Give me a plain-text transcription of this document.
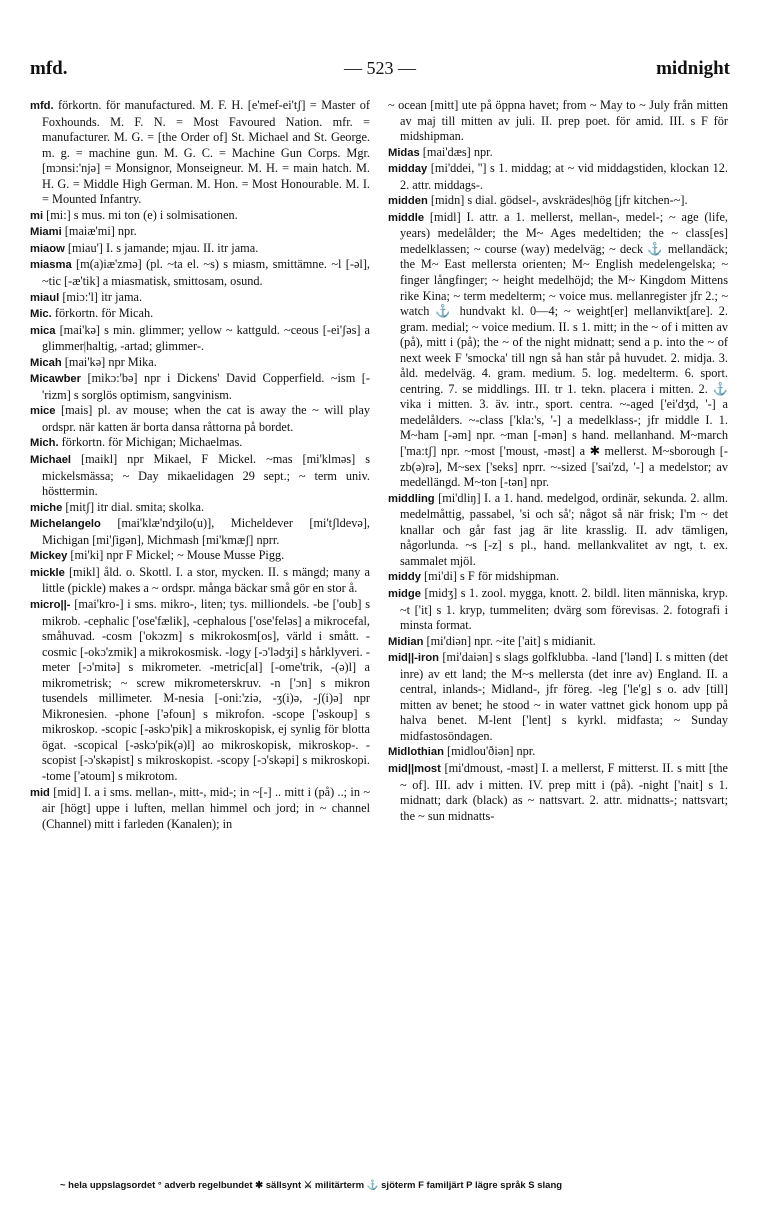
mfd.	— 523 —	midnight

mfd. förkortn. för manufactured. M. F. H. [e'mef-ei'tʃ] = Master of Foxhounds. M. F. N. = Most Favoured Nation. mfr. = manufacturer. M. G. = [the Order of] St. Michael and St. George. m. g. = machine gun. M. G. C. = Machine Gun Corps. Mgr. [mɔnsi:'njə] = Monsignor, Monseigneur. M. H. = main hatch. M. H. G. = Middle High German. M. Hon. = Most Honourable. M. I. = Mounted Infantry.

mi [mi:] s mus. mi ton (e) i solmisationen.

Miami [maiæ'mi] npr.

miaow [miau'] I. s jamande; mjau. II. itr jama.

miasma [m(a)iæ'zmə] (pl. ~ta el. ~s) s miasm, smittämne. ~l [-əl], ~tic [-æ'tik] a miasmatisk, smittosam, osund.

miaul [miɔ:'l] itr jama.

Mic. förkortn. för Micah.

mica [mai'kə] s min. glimmer; yellow ~ kattguld. ~ceous [-ei'ʃəs] a glimmer|haltig, -artad; glimmer-.

Micah [mai'kə] npr Mika.

Micawber [mikɔ:'bə] npr i Dickens' David Copperfield. ~ism [-'rizm] s sorglös optimism, sangvinism.

mice [mais] pl. av mouse; when the cat is away the ~ will play ordspr. när katten är borta dansa råttorna på bordet.

Mich. förkortn. för Michigan; Michaelmas.

Michael [maikl] npr Mikael, F Mickel. ~mas [mi'klməs] s mickelsmässa; ~ Day mikaelidagen 29 sept.; ~ term univ. hösttermin.

miche [mitʃ] itr dial. smita; skolka.

Michelangelo [mai'klæ'ndʒilo(u)], Micheldever [mi'tʃldevə], Michigan [mi'ʃigən], Michmash [mi'kmæʃ] nprr.

Mickey [mi'ki] npr F Mickel; ~ Mouse Musse Pigg.

mickle [mikl] åld. o. Skottl. I. a stor, mycken. II. s mängd; many a little (pickle) makes a ~ ordspr. många bäckar små gör en stor å.

micro||- [mai'kro-] i sms. mikro-, liten; tys. milliondels. -be ['oub] s mikrob. -cephalic ['ose'fælik], -cephalous ['ose'feləs] a mikrocefal, småhuvad. -cosm ['okɔzm] s mikrokosm[os], värld i smått. -cosmic [-okɔ'zmik] a mikrokosmisk. -logy [-ɔ'lədʒi] s hårklyveri. -meter [-ɔ'mitə] s mikrometer. -metric[al] [-ome'trik, -(ə)l] a mikrometrisk; ~ screw mikrometerskruv. -n ['ɔn] s mikron tusendels millimeter. M-nesia [-oni:'ziə, -ʒ(i)ə, -ʃ(i)ə] npr Mikronesien. -phone ['əfoun] s mikrofon. -scope ['əskoup] s mikroskop. -scopic [-əskɔ'pik] a mikroskopisk, ej synlig för blotta ögat. -scopical [-əskɔ'pik(ə)l] ao mikroskopisk, mikroskop-. -scopist [-ɔ'skəpist] s mikroskopist. -scopy [-ɔ'skəpi] s mikroskopi. -tome ['ətoum] s mikrotom.

mid [mid] I. a i sms. mellan-, mitt-, mid-; in ~[-] .. mitt i (på) ..; in ~ air [högt] uppe i luften, mellan himmel och jord; in ~ channel (Channel) mitt i farleden (Kanalen); in

~ ocean [mitt] ute på öppna havet; from ~ May to ~ July från mitten av maj till mitten av juli. II. prep poet. för amid. III. s F för midshipman.

Midas [mai'dæs] npr.

midday [mi'ddei, ''] s 1. middag; at ~ vid middagstiden, klockan 12. 2. attr. middags-.

midden [midn] s dial. gödsel-, avskrädes|hög [jfr kitchen-~].

middle [midl] I. attr. a 1. mellerst, mellan-, medel-; ~ age (life, years) medelålder; the M~ Ages medeltiden; the ~ class[es] medelklassen; ~ course (way) medelväg; ~ deck ⚓ mellandäck; the M~ East mellersta orienten; M~ English medelengelska; ~ finger långfinger; ~ height medelhöjd; the M~ Kingdom Mittens rike Kina; ~ term medelterm; ~ voice mus. mellanregister jfr 2.; ~ watch ⚓ hundvakt kl. 0—4; ~ weight[er] mellanvikt[are]. 2. gram. medial; ~ voice medium. II. s 1. mitt; in the ~ of i mitten av (på), mitt i (på); the ~ of the night midnatt; send a p. into the ~ of next week F 'smocka' till ngn så han står på huvudet. 2. midja. 3. åld. medelväg. 4. gram. medium. 5. log. medelterm. 6. sport. centring. 7. se middlings. III. tr 1. tekn. placera i mitten. 2. ⚓ vika i mitten. 3. äv. intr., sport. centra. ~-aged ['ei'dʒd, '-] a medelålders. ~-class ['kla:'s, '-] a medelklass-; jfr middle I. 1. M~ham [-əm] npr. ~man [-mən] s hand. mellanhand. M~march ['ma:tʃ] npr. ~most ['moust, -məst] a ✱ mellerst. M~sborough [-zb(ə)rə], M~sex ['seks] nprr. ~-sized ['sai'zd, '-] a medelstor; av medellängd. M~ton [-tən] npr.

middling [mi'dliŋ] I. a 1. hand. medelgod, ordinär, sekunda. 2. allm. medelmåttig, passabel, 'si och så'; något så när frisk; I'm ~ det knallar och går fast jag är lite krasslig. II. adv tämligen, någorlunda. ~s [-z] s pl., hand. mellankvalitet av ngt, t. ex. sammalet mjöl.

middy [mi'di] s F för midshipman.

midge [midʒ] s 1. zool. mygga, knott. 2. bildl. liten människa, kryp. ~t ['it] s 1. kryp, tummeliten; dvärg som förevisas. 2. fotografi i minsta format.

Midian [mi'diən] npr. ~ite ['ait] s midianit.

mid||-iron [mi'daiən] s slags golfklubba. -land ['lənd] I. s mitten (det inre) av ett land; the M~s mellersta (det inre av) England. II. a central, inlands-; Midland-, jfr föreg. -leg ['le'g] s o. adv [till] mitten av benet; he stood ~ in water vattnet gick honom upp på halva benet. M-lent ['lent] s kyrkl. midfasta; ~ Sunday midfastosöndagen.

Midlothian [midlou'ðiən] npr.

mid||most [mi'dmoust, -məst] I. a mellerst, F mitterst. II. s mitt [the ~ of]. III. adv i mitten. IV. prep mitt i (på). -night ['nait] s 1. midnatt; dark (black) as ~ nattsvart. 2. attr. midnatts-; nattsvart; the ~ sun midnatts-

~ hela uppslagsordet ° adverb regelbundet ✱ sällsynt ⚔ militärterm ⚓ sjöterm F familjärt P lägre språk S slang
